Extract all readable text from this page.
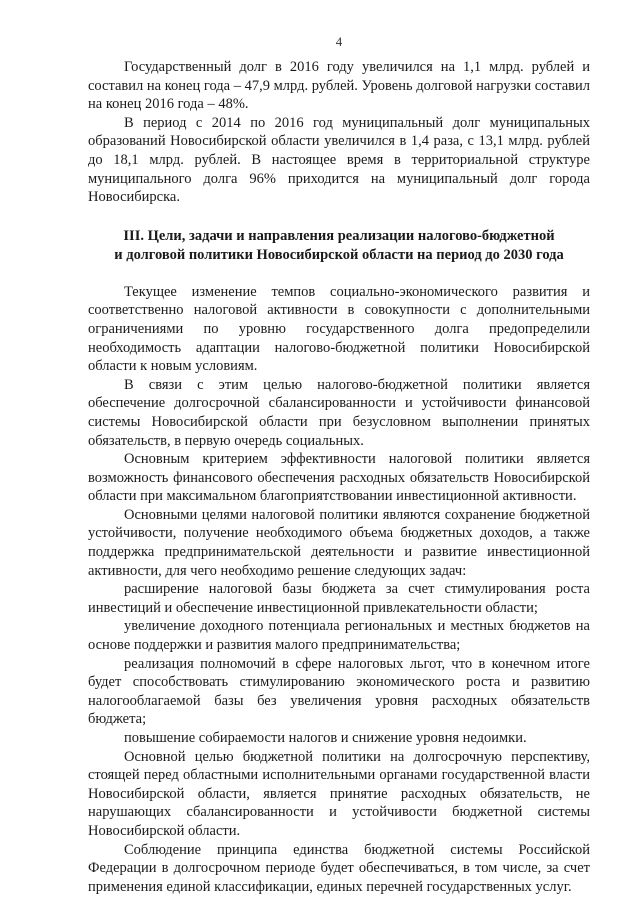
4

Государственный долг в 2016 году увеличился на 1,1 млрд. рублей и составил на конец года – 47,9 млрд. рублей. Уровень долговой нагрузки составил на конец 2016 года – 48%.

В период с 2014 по 2016 год муниципальный долг муниципальных образований Новосибирской области увеличился в 1,4 раза, с 13,1 млрд. рублей до 18,1 млрд. рублей. В настоящее время в территориальной структуре муниципального долга 96% приходится на муниципальный долг города Новосибирска.

III. Цели, задачи и направления реализации налогово-бюджетной
и долговой политики Новосибирской области на период до 2030 года

Текущее изменение темпов социально-экономического развития и соответственно налоговой активности в совокупности с дополнительными ограничениями по уровню государственного долга предопределили необходимость адаптации налогово-бюджетной политики Новосибирской области к новым условиям.

В связи с этим целью налогово-бюджетной политики является обеспечение долгосрочной сбалансированности и устойчивости финансовой системы Новосибирской области при безусловном выполнении принятых обязательств, в первую очередь социальных.

Основным критерием эффективности налоговой политики является возможность финансового обеспечения расходных обязательств Новосибирской области при максимальном благоприятствовании инвестиционной активности.

Основными целями налоговой политики являются сохранение бюджетной устойчивости, получение необходимого объема бюджетных доходов, а также поддержка предпринимательской деятельности и развитие инвестиционной активности, для чего необходимо решение следующих задач:

расширение налоговой базы бюджета за счет стимулирования роста инвестиций и обеспечение инвестиционной привлекательности области;

увеличение доходного потенциала региональных и местных бюджетов на основе поддержки и развития малого предпринимательства;

реализация полномочий в сфере налоговых льгот, что в конечном итоге будет способствовать стимулированию экономического роста и развитию налогооблагаемой базы без увеличения уровня расходных обязательств бюджета;

повышение собираемости налогов и снижение уровня недоимки.

Основной целью бюджетной политики на долгосрочную перспективу, стоящей перед областными исполнительными органами государственной власти Новосибирской области, является принятие расходных обязательств, не нарушающих сбалансированности и устойчивости бюджетной системы Новосибирской области.

Соблюдение принципа единства бюджетной системы Российской Федерации в долгосрочном периоде будет обеспечиваться, в том числе, за счет применения единой классификации, единых перечней государственных услуг.
